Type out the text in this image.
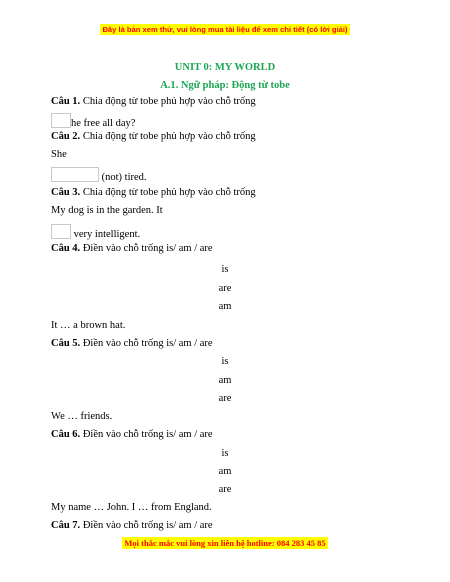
Đây là bản xem thử, vui lòng mua tài liệu để xem chi tiết (có lời giải)
UNIT 0: MY WORLD
A.1. Ngữ pháp: Động từ tobe
Câu 1. Chia động từ tobe phủ hợp vào chỗ trống
he free all day?
Câu 2. Chia động từ tobe phủ hợp vào chỗ trống
She
(not) tired.
Câu 3. Chia động từ tobe phủ hợp vào chỗ trống
My dog is in the garden. It
very intelligent.
Câu 4. Điền vào chỗ trống is/ am / are
is
are
am
It … a brown hat.
Câu 5. Điền vào chỗ trống is/ am / are
is
am
are
We … friends.
Câu 6. Điền vào chỗ trống is/ am / are
is
am
are
My name … John. I … from England.
Câu 7. Điền vào chỗ trống is/ am / are
Mọi thắc mắc vui lòng xin liên hệ hotline: 084 283 45 85
